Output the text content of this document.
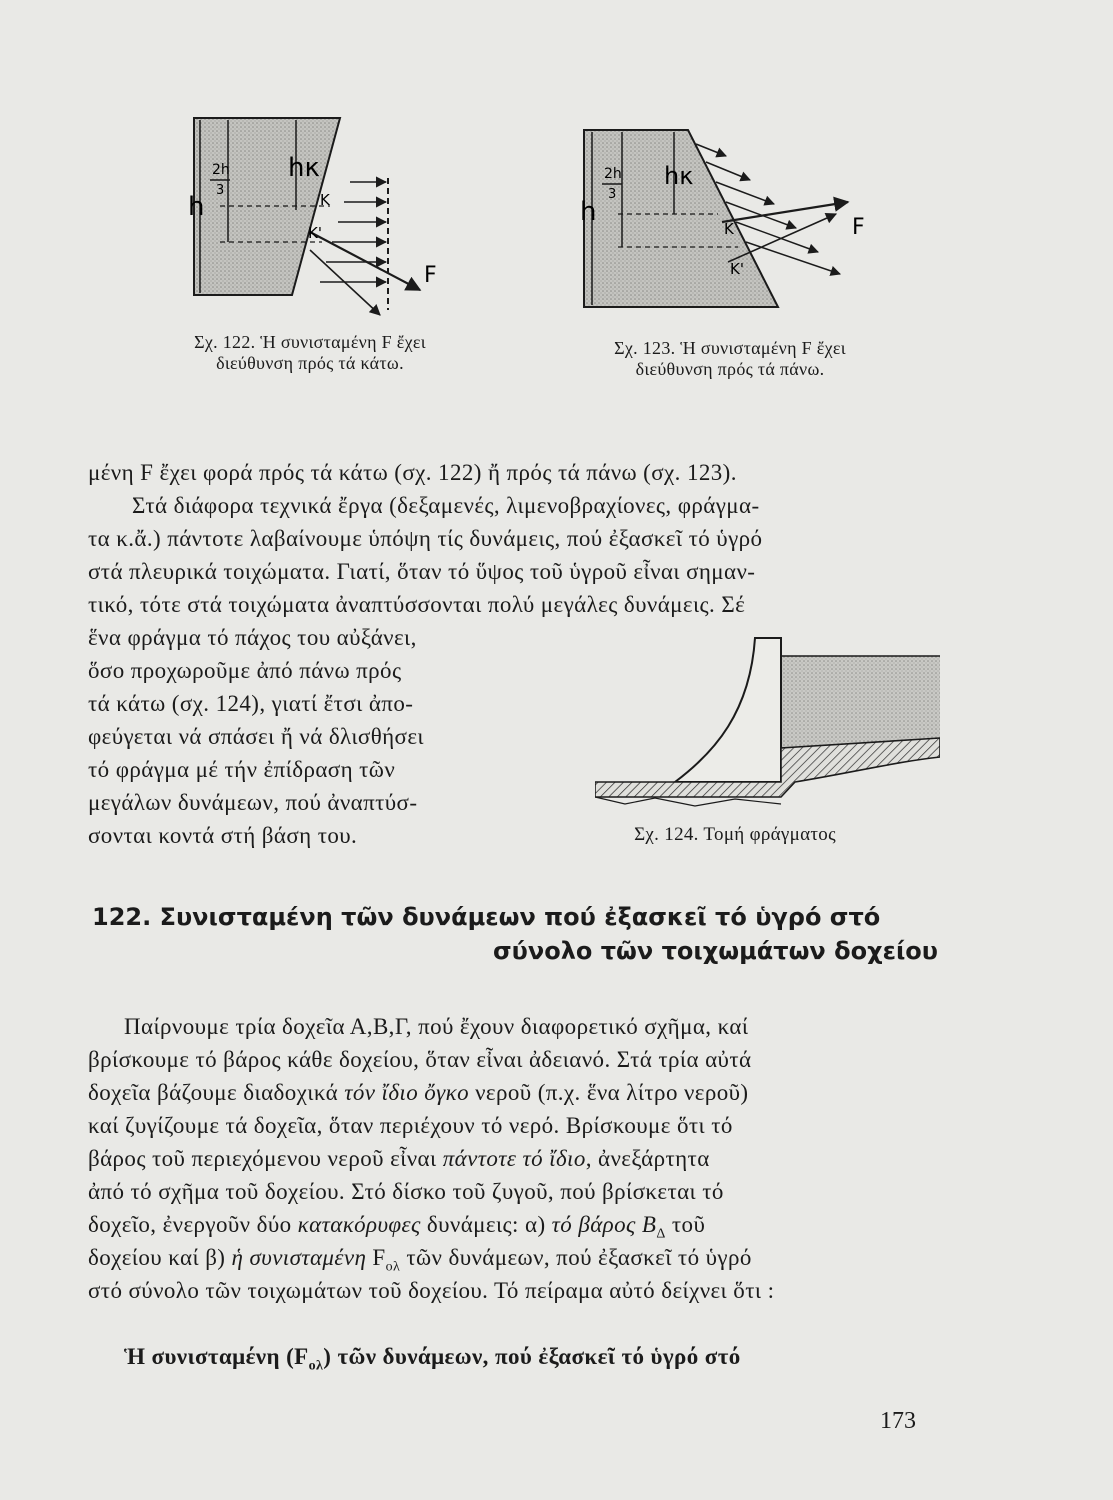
h
2h
3
hκ
K
K'
F
Σχ. 122. Ἡ συνισταμένη F ἔχει
διεύθυνση πρός τά κάτω.
h
2h
3
hκ
K
K'
F
Σχ. 123. Ἡ συνισταμένη F ἔχει
διεύθυνση πρός τά πάνω.
μένη F ἔχει φορά πρός τά κάτω (σχ. 122) ἤ πρός τά πάνω (σχ. 123).
Στά διάφορα τεχνικά ἔργα (δεξαμενές, λιμενοβραχίονες, φράγμα-
τα κ.ἄ.) πάντοτε λαβαίνουμε ὑπόψη τίς δυνάμεις, πού ἐξασκεῖ τό ὑγρό
στά πλευρικά τοιχώματα. Γιατί, ὅταν τό ὕψος τοῦ ὑγροῦ εἶναι σημαν-
τικό, τότε στά τοιχώματα ἀναπτύσσονται πολύ μεγάλες δυνάμεις. Σέ
ἕνα φράγμα τό πάχος του αὐξάνει,
ὅσο προχωροῦμε ἀπό πάνω πρός
τά κάτω (σχ. 124), γιατί ἔτσι ἀπο-
φεύγεται νά σπάσει ἤ νά δλισθήσει
τό φράγμα μέ τήν ἐπίδραση τῶν
μεγάλων δυνάμεων, πού ἀναπτύσ-
σονται κοντά στή βάση του.	Σχ. 124. Τομή φράγματος
122. Συνισταμένη τῶν δυνάμεων πού ἐξασκεῖ τό ὑγρό στό
σύνολο τῶν τοιχωμάτων δοχείου
Παίρνουμε τρία δοχεῖα Α,Β,Γ, πού ἔχουν διαφορετικό σχῆμα, καί
βρίσκουμε τό βάρος κάθε δοχείου, ὅταν εἶναι ἀδειανό. Στά τρία αὐτά
δοχεῖα βάζουμε διαδοχικά τόν ἴδιο ὄγκο νεροῦ (π.χ. ἕνα λίτρο νεροῦ)
καί ζυγίζουμε τά δοχεῖα, ὅταν περιέχουν τό νερό. Βρίσκουμε ὅτι τό
βάρος τοῦ περιεχόμενου νεροῦ εἶναι πάντοτε τό ἴδιο, ἀνεξάρτητα
ἀπό τό σχῆμα τοῦ δοχείου. Στό δίσκο τοῦ ζυγοῦ, πού βρίσκεται τό
δοχεῖο, ἐνεργοῦν δύο κατακόρυφες δυνάμεις: α) τό βάρος $B_\Delta$ τοῦ
δοχείου καί β) ἡ συνισταμένη $F_{o\lambda}$ τῶν δυνάμεων, πού ἐξασκεῖ τό ὑγρό
στό σύνολο τῶν τοιχωμάτων τοῦ δοχείου. Τό πείραμα αὐτό δείχνει ὅτι :
Ἡ συνισταμένη $(F_{o\lambda})$ τῶν δυνάμεων, πού ἐξασκεῖ τό ὑγρό στό
173
